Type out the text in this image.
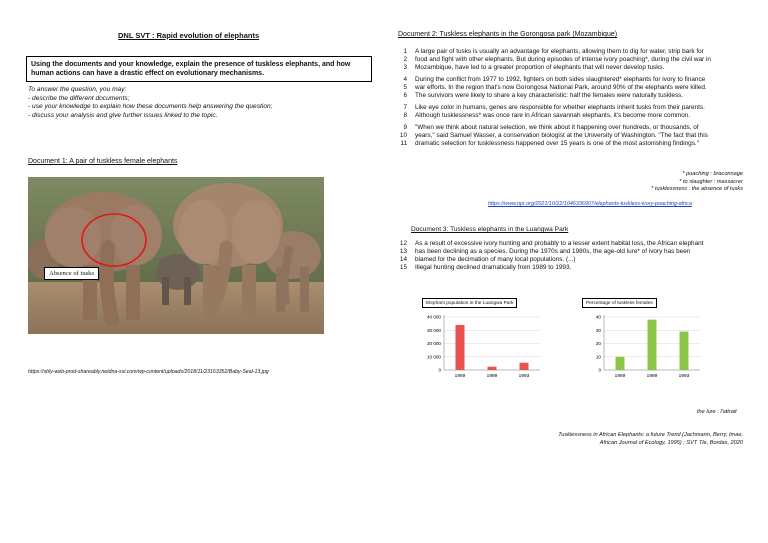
DNL SVT : Rapid evolution of elephants
Using the documents and your knowledge, explain the presence of tuskless elephants, and how human actions can have a drastic effect on evolutionary mechanisms.
To answer the question, you may:
- describe the different documents;
- use your knowledge to explain how these documents help answering the question;
- discuss your analysis and give further issues linked to the topic.
Document 1: A pair of tuskless female elephants
Absence of tusks
https://sbly-web-prod-shareably.netdna-ssl.com/wp-content/uploads/2018/11/23163352/Baby-Seal-13.jpg
Document 2: Tuskless elephants in the Gorongosa park (Mozambique)
1	A large pair of tusks is usually an advantage for elephants, allowing them to dig for water, strip bark for
2	food and fight with other elephants. But during episodes of intense ivory poaching*, during the civil war in
3	Mozambique, have led to a greater proportion of elephants that will never develop tusks.
4	During the conflict from 1977 to 1992, fighters on both sides slaughtered* elephants for ivory to finance
5	war efforts. In the region that's now Gorongosa National Park, around 90% of the elephants were killed.
6	The survivors were likely to share a key characteristic: half the females were naturally tuskless.
7	Like eye color in humans, genes are responsible for whether elephants inherit tusks from their parents.
8	Although tusklessness* was once rare in African savannah elephants, it's become more common.
9	"When we think about natural selection, we think about it happening over hundreds, or thousands, of
10	years," said Samuel Wasser, a conservation biologist at the University of Washington. "The fact that this
11	dramatic selection for tusklessness happened over 15 years is one of the most astonishing findings."
* poaching : braconnage
* to slaughter : massacrer
* tusklessness : the absence of tusks
https://www.npr.org/2021/10/22/1046336907/elephants-tuskless-ivory-poaching-africa
Document 3: Tuskless elephants in the Luangwa Park
12	As a result of excessive ivory hunting and probably to a lesser extent habitat loss, the African elephant
13	has been declining as a species. During the 1970s and 1980s, the age-old lure* of ivory has been
14	blamed for the decimation of many local populations. (...)
15	Illegal hunting declined dramatically from 1989 to 1993.
Elephant population in the Luangwa Park
0
10 000
20 000
30 000
40 000
1969	1989	1993
Percentage of tuskless females
0
10
20
30
40
1969	1989	1993
the lure : l'attrait
Tusklessness in African Elephants: a future Trend (Jachmann, Berry, Imae,
African Journal of Ecology, 1995) ; SVT Tle, Bordas, 2020
